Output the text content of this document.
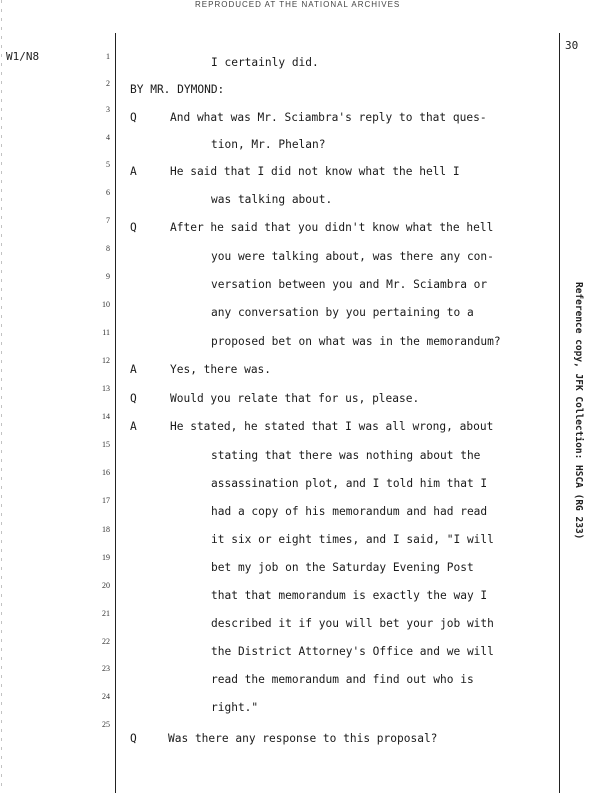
REPRODUCED AT THE NATIONAL ARCHIVES
W1/N8
30
1	I certainly did.
2 BY MR. DYMOND:
3
Q	And what was Mr. Sciambra's reply to that ques-
4
tion, Mr. Phelan?
5
A	He said that I did not know what the hell I
6
was talking about.
7
Q	After he said that you didn't know what the hell
8
you were talking about, was there any con-
9
versation between you and Mr. Sciambra or
10
any conversation by you pertaining to a
11
proposed bet on what was in the memorandum?
12
A	Yes, there was.
13
Q	Would you relate that for us, please.
14
A	He stated, he stated that I was all wrong, about
15
stating that there was nothing about the
16
assassination plot, and I told him that I
17
had a copy of his memorandum and had read
18
it six or eight times, and I said, "I will
19
bet my job on the Saturday Evening Post
20
that that memorandum is exactly the way I
21
described it if you will bet your job with
22
the District Attorney's Office and we will
23
read the memorandum and find out who is
24
right."
25
Q	Was there any response to this proposal?
Reference copy, JFK Collection: HSCA (RG 233)
